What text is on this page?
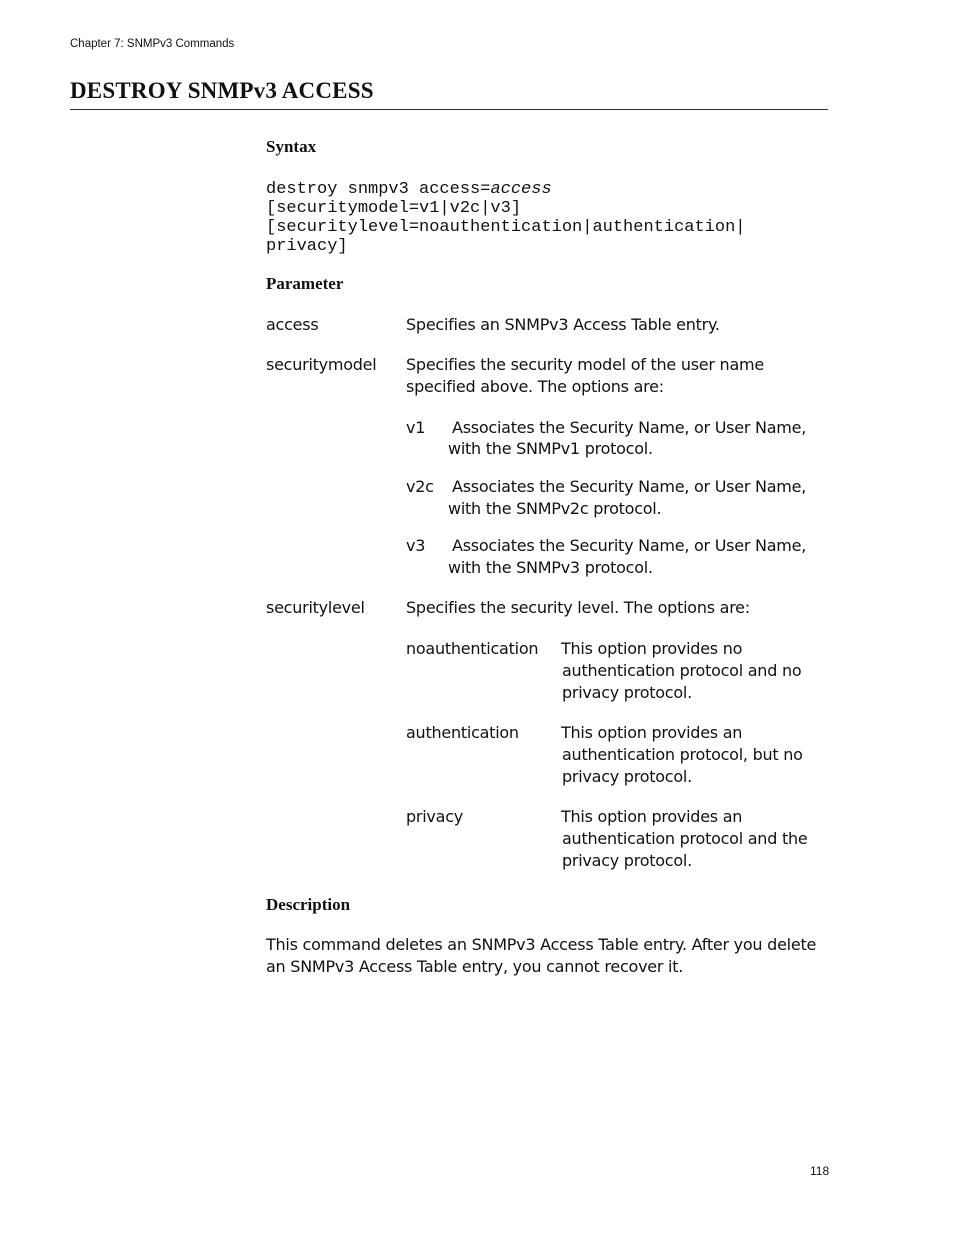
Chapter 7: SNMPv3 Commands
DESTROY SNMPv3 ACCESS
Syntax
destroy snmpv3 access=access
[securitymodel=v1|v2c|v3]
[securitylevel=noauthentication|authentication|
privacy]
Parameter
access	Specifies an SNMPv3 Access Table entry.
securitymodel Specifies the security model of the user name
specified above. The options are:
v1 Associates the Security Name, or User Name,
with the SNMPv1 protocol.
v2c Associates the Security Name, or User Name,
with the SNMPv2c protocol.
v3 Associates the Security Name, or User Name,
with the SNMPv3 protocol.
securitylevel	Specifies the security level. The options are:
noauthentication This option provides no
authentication protocol and no
privacy protocol.
authentication	This option provides an
authentication protocol, but no
privacy protocol.
privacy	This option provides an
authentication protocol and the
privacy protocol.
Description
This command deletes an SNMPv3 Access Table entry. After you delete
an SNMPv3 Access Table entry, you cannot recover it.
118
